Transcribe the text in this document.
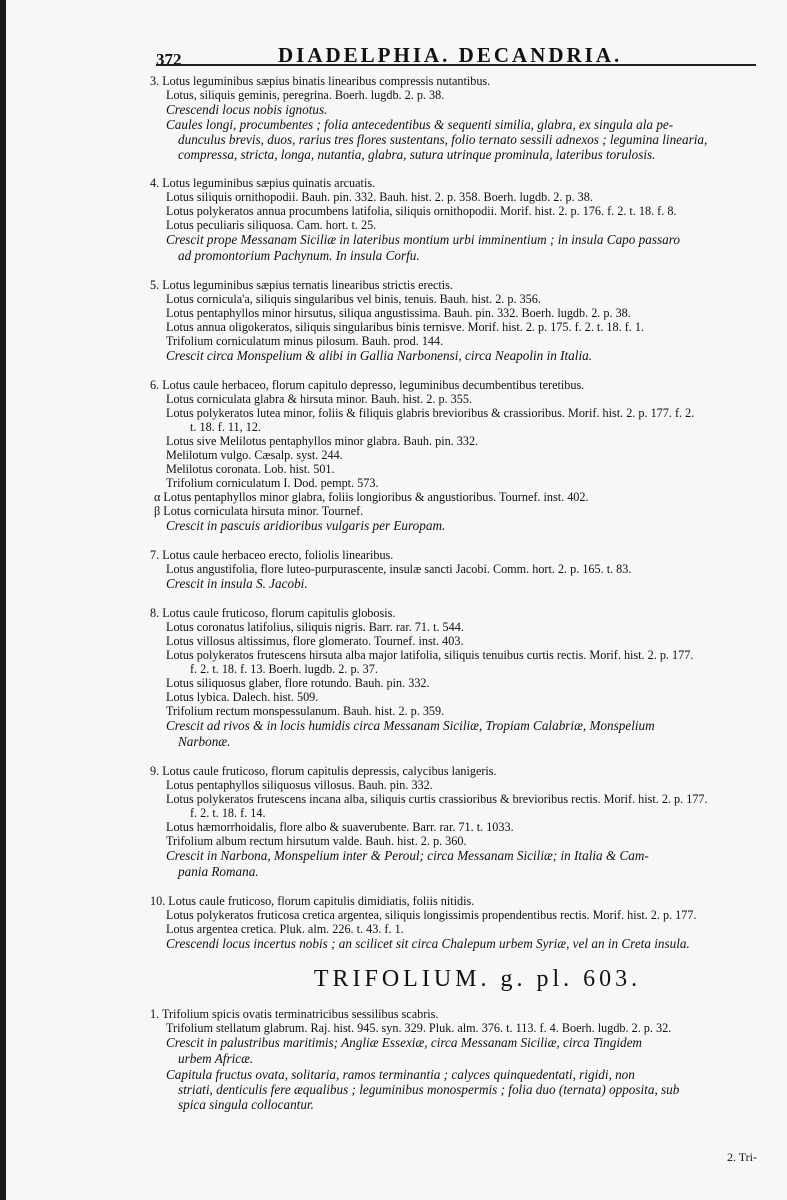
372	DIADELPHIA. DECANDRIA.
3. Lotus leguminibus sæpius binatis linearibus compressis nutantibus.
Lotus, siliquis geminis, peregrina. Boerh. lugdb. 2. p. 38.
Crescendi locus nobis ignotus.
Caules longi, procumbentes ; folia antecedentibus & sequenti similia, glabra, ex singula ala pe-
dunculus brevis, duos, rarius tres flores sustentans, folio ternato sessili adnexos ; legumina linearia,
compressa, stricta, longa, nutantia, glabra, sutura utrinque prominula, lateribus torulosis.
4. Lotus leguminibus sæpius quinatis arcuatis.
Lotus siliquis ornithopodii. Bauh. pin. 332. Bauh. hist. 2. p. 358. Boerh. lugdb. 2. p. 38.
Lotus polykeratos annua procumbens latifolia, siliquis ornithopodii. Morif. hist. 2. p. 176. f. 2. t. 18. f. 8.
Lotus peculiaris siliquosa. Cam. hort. t. 25.
Crescit prope Messanam Siciliæ in lateribus montium urbi imminentium ; in insula Capo passaro
ad promontorium Pachynum. In insula Corfu.
5. Lotus leguminibus sæpius ternatis linearibus strictis erectis.
Lotus cornicula'a, siliquis singularibus vel binis, tenuis. Bauh. hist. 2. p. 356.
Lotus pentaphyllos minor hirsutus, siliqua angustissima. Bauh. pin. 332. Boerh. lugdb. 2. p. 38.
Lotus annua oligokeratos, siliquis singularibus binis ternisve. Morif. hist. 2. p. 175. f. 2. t. 18. f. 1.
Trifolium corniculatum minus pilosum. Bauh. prod. 144.
Crescit circa Monspelium & alibi in Gallia Narbonensi, circa Neapolin in Italia.
6. Lotus caule herbaceo, florum capitulo depresso, leguminibus decumbentibus teretibus.
Lotus corniculata glabra & hirsuta minor. Bauh. hist. 2. p. 355.
Lotus polykeratos lutea minor, foliis & filiquis glabris brevioribus & crassioribus. Morif. hist. 2. p. 177. f. 2.
t. 18. f. 11, 12.
Lotus sive Melilotus pentaphyllos minor glabra. Bauh. pin. 332.
Melilotum vulgo. Cæsalp. syst. 244.
Melilotus coronata. Lob. hist. 501.
Trifolium corniculatum I. Dod. pempt. 573.
α Lotus pentaphyllos minor glabra, foliis longioribus & angustioribus. Tournef. inst. 402.
β Lotus corniculata hirsuta minor. Tournef.
Crescit in pascuis aridioribus vulgaris per Europam.
7. Lotus caule herbaceo erecto, foliolis linearibus.
Lotus angustifolia, flore luteo-purpurascente, insulæ sancti Jacobi. Comm. hort. 2. p. 165. t. 83.
Crescit in insula S. Jacobi.
8. Lotus caule fruticoso, florum capitulis globosis.
Lotus coronatus latifolius, siliquis nigris. Barr. rar. 71. t. 544.
Lotus villosus altissimus, flore glomerato. Tournef. inst. 403.
Lotus polykeratos frutescens hirsuta alba major latifolia, siliquis tenuibus curtis rectis. Morif. hist. 2. p. 177.
f. 2. t. 18. f. 13. Boerh. lugdb. 2. p. 37.
Lotus siliquosus glaber, flore rotundo. Bauh. pin. 332.
Lotus lybica. Dalech. hist. 509.
Trifolium rectum monspessulanum. Bauh. hist. 2. p. 359.
Crescit ad rivos & in locis humidis circa Messanam Siciliæ, Tropiam Calabriæ, Monspelium
Narbonæ.
9. Lotus caule fruticoso, florum capitulis depressis, calycibus lanigeris.
Lotus pentaphyllos siliquosus villosus. Bauh. pin. 332.
Lotus polykeratos frutescens incana alba, siliquis curtis crassioribus & brevioribus rectis. Morif. hist. 2. p. 177.
f. 2. t. 18. f. 14.
Lotus hæmorrhoidalis, flore albo & suaverubente. Barr. rar. 71. t. 1033.
Trifolium album rectum hirsutum valde. Bauh. hist. 2. p. 360.
Crescit in Narbona, Monspelium inter & Peroul; circa Messanam Siciliæ; in Italia & Cam-
pania Romana.
10. Lotus caule fruticoso, florum capitulis dimidiatis, foliis nitidis.
Lotus polykeratos fruticosa cretica argentea, siliquis longissimis propendentibus rectis. Morif. hist. 2. p. 177.
Lotus argentea cretica. Pluk. alm. 226. t. 43. f. 1.
Crescendi locus incertus nobis ; an scilicet sit circa Chalepum urbem Syriæ, vel an in Creta insula.
TRIFOLIUM. g. pl. 603.
1. Trifolium spicis ovatis terminatricibus sessilibus scabris.
Trifolium stellatum glabrum. Raj. hist. 945. syn. 329. Pluk. alm. 376. t. 113. f. 4. Boerh. lugdb. 2. p. 32.
Crescit in palustribus maritimis; Angliæ Essexiæ, circa Messanam Siciliæ, circa Tingidem
urbem Africæ.
Capitula fructus ovata, solitaria, ramos terminantia ; calyces quinquedentati, rigidi, non
striati, denticulis fere æqualibus ; leguminibus monospermis ; folia duo (ternata) opposita, sub
spica singula collocantur.
2. Tri-
